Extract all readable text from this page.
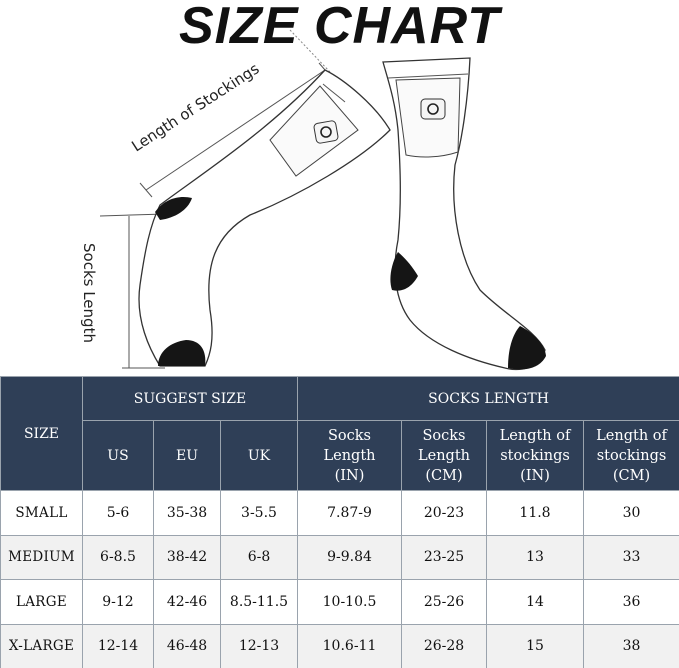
Length of Stockings
Socks Length
SIZE CHART
SIZE	SUGGEST SIZE			SOCKS LENGTH			
	US	EU	UK	Socks
Length
(IN)	Socks
Length
(CM)	Length of
stockings
(IN)	Length of
stockings
(CM)

SMALL	5-6	35-38	3-5.5	7.87-9	20-23	11.8	30
MEDIUM	6-8.5	38-42	6-8	9-9.84	23-25	13	33
LARGE	9-12	42-46	8.5-11.5	10-10.5	25-26	14	36
X-LARGE	12-14	46-48	12-13	10.6-11	26-28	15	38
